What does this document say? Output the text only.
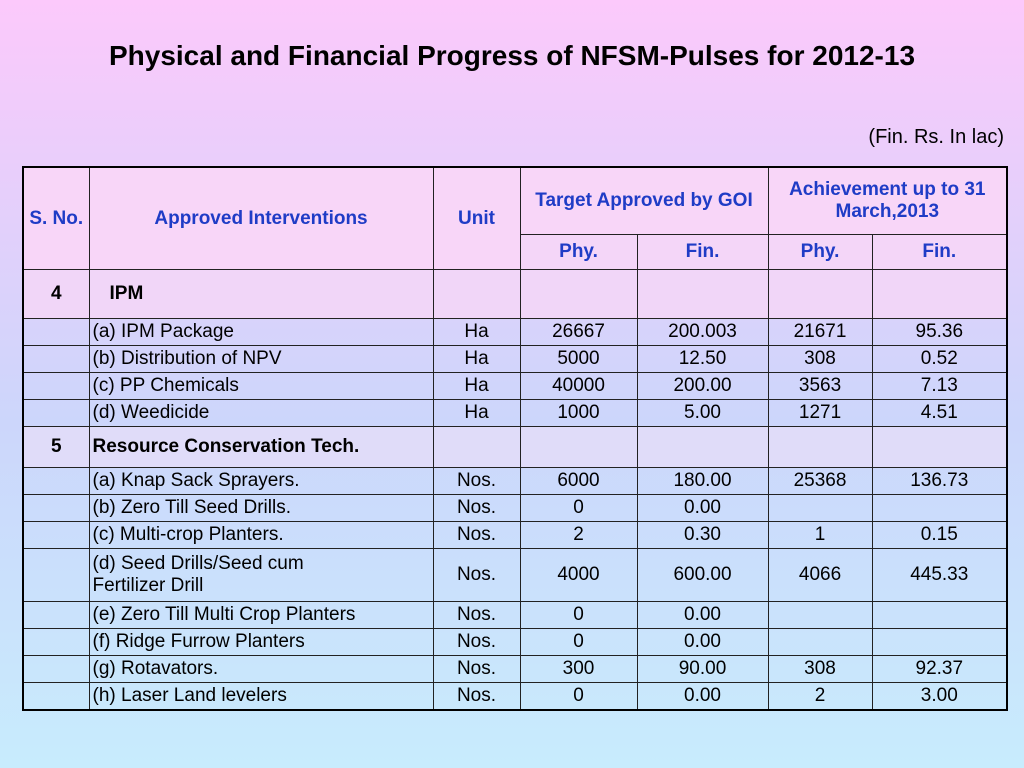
Physical and Financial Progress of NFSM-Pulses for 2012-13
(Fin. Rs. In lac)
S. No.	Approved Interventions	Unit	Target Approved by GOI		Achievement up to 31 March,2013	
			Phy.	Fin.	Phy.	Fin.
4	IPM					
	(a) IPM Package	Ha	26667	200.003	21671	95.36
	(b) Distribution of NPV	Ha	5000	12.50	308	0.52
	(c) PP Chemicals	Ha	40000	200.00	3563	7.13
	(d) Weedicide	Ha	1000	5.00	1271	4.51
5	Resource Conservation Tech.					
	(a) Knap Sack Sprayers.	Nos.	6000	180.00	25368	136.73
	(b) Zero Till Seed Drills.	Nos.	0	0.00		
	(c) Multi-crop Planters.	Nos.	2	0.30	1	0.15
	(d) Seed Drills/Seed cum Fertilizer Drill	Nos.	4000	600.00	4066	445.33
	(e) Zero Till Multi Crop Planters	Nos.	0	0.00		
	(f) Ridge Furrow Planters	Nos.	0	0.00		
	(g) Rotavators.	Nos.	300	90.00	308	92.37
	(h) Laser Land levelers	Nos.	0	0.00	2	3.00
